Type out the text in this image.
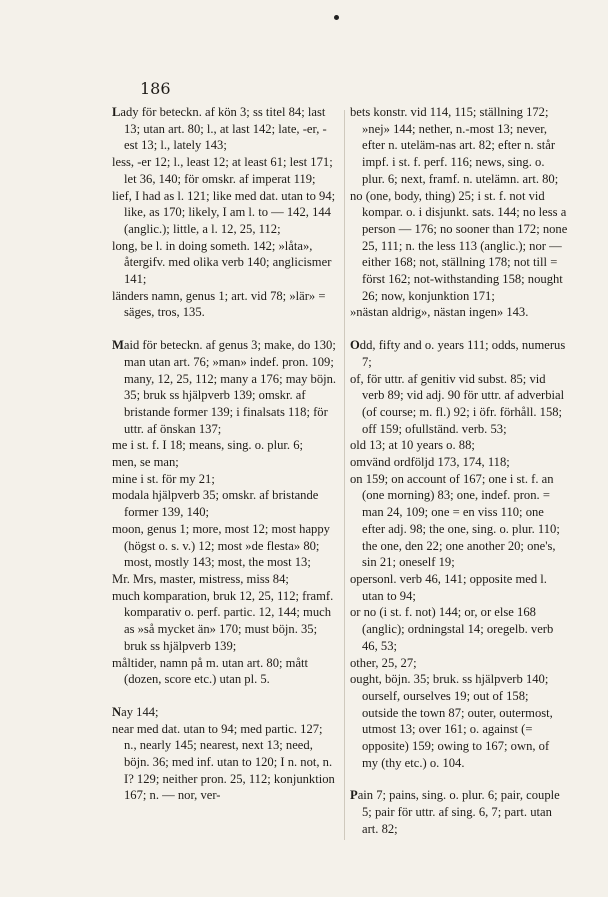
186

Lady för beteckn. af kön 3; ss titel 84; last 13; utan art. 80; l., at last 142; late, -er, -est 13; l., lately 143;

less, -er 12; l., least 12; at least 61; lest 171; let 36, 140; för omskr. af imperat 119;

lief, I had as l. 121; like med dat. utan to 94; like, as 170; likely, I am l. to — 142, 144 (anglic.); little, a l. 12, 25, 112;

long, be l. in doing someth. 142; »låta», återgifv. med olika verb 140; anglicismer 141;

länders namn, genus 1; art. vid 78; »lär» = säges, tros, 135.

Maid för beteckn. af genus 3; make, do 130; man utan art. 76; »man» indef. pron. 109; many, 12, 25, 112; many a 176; may böjn. 35; bruk ss hjälpverb 139; omskr. af bristande former 139; i finalsats 118; för uttr. af önskan 137;

me i st. f. I 18; means, sing. o. plur. 6;

men, se man;

mine i st. för my 21;

modala hjälpverb 35; omskr. af bristande former 139, 140;

moon, genus 1; more, most 12; most happy (högst o. s. v.) 12; most »de flesta» 80; most, mostly 143; most, the most 13;

Mr. Mrs, master, mistress, miss 84;

much komparation, bruk 12, 25, 112; framf. komparativ o. perf. partic. 12, 144; much as »så mycket än» 170; must böjn. 35; bruk ss hjälpverb 139;

måltider, namn på m. utan art. 80; mått (dozen, score etc.) utan pl. 5.

Nay 144;

near med dat. utan to 94; med partic. 127; n., nearly 145; nearest, next 13; need, böjn. 36; med inf. utan to 120; I n. not, n. I? 129; neither pron. 25, 112; konjunktion 167; n. — nor, ver-

bets konstr. vid 114, 115; ställning 172; »nej» 144; nether, n.-most 13; never, efter n. uteläm-nas art. 82; efter n. står impf. i st. f. perf. 116; news, sing. o. plur. 6; next, framf. n. utelämn. art. 80;

no (one, body, thing) 25; i st. f. not vid kompar. o. i disjunkt. sats. 144; no less a person — 176; no sooner than 172; none 25, 111; n. the less 113 (anglic.); nor — either 168; not, ställning 178; not till = först 162; not-withstanding 158; nought 26; now, konjunktion 171;

»nästan aldrig», nästan ingen» 143.

Odd, fifty and o. years 111; odds, numerus 7;

of, för uttr. af genitiv vid subst. 85; vid verb 89; vid adj. 90 för uttr. af adverbial (of course; m. fl.) 92; i öfr. förhåll. 158; off 159; ofullständ. verb. 53;

old 13; at 10 years o. 88;

omvänd ordföljd 173, 174, 118;

on 159; on account of 167; one i st. f. an (one morning) 83; one, indef. pron. = man 24, 109; one = en viss 110; one efter adj. 98; the one, sing. o. plur. 110; the one, den 22; one another 20; one's, sin 21; oneself 19;

opersonl. verb 46, 141; opposite med l. utan to 94;

or no (i st. f. not) 144; or, or else 168 (anglic); ordningstal 14; oregelb. verb 46, 53;

other, 25, 27;

ought, böjn. 35; bruk. ss hjälpverb 140; ourself, ourselves 19; out of 158; outside the town 87; outer, outermost, utmost 13; over 161; o. against (= opposite) 159; owing to 167; own, of my (thy etc.) o. 104.

Pain 7; pains, sing. o. plur. 6; pair, couple 5; pair för uttr. af sing. 6, 7; part. utan art. 82;
